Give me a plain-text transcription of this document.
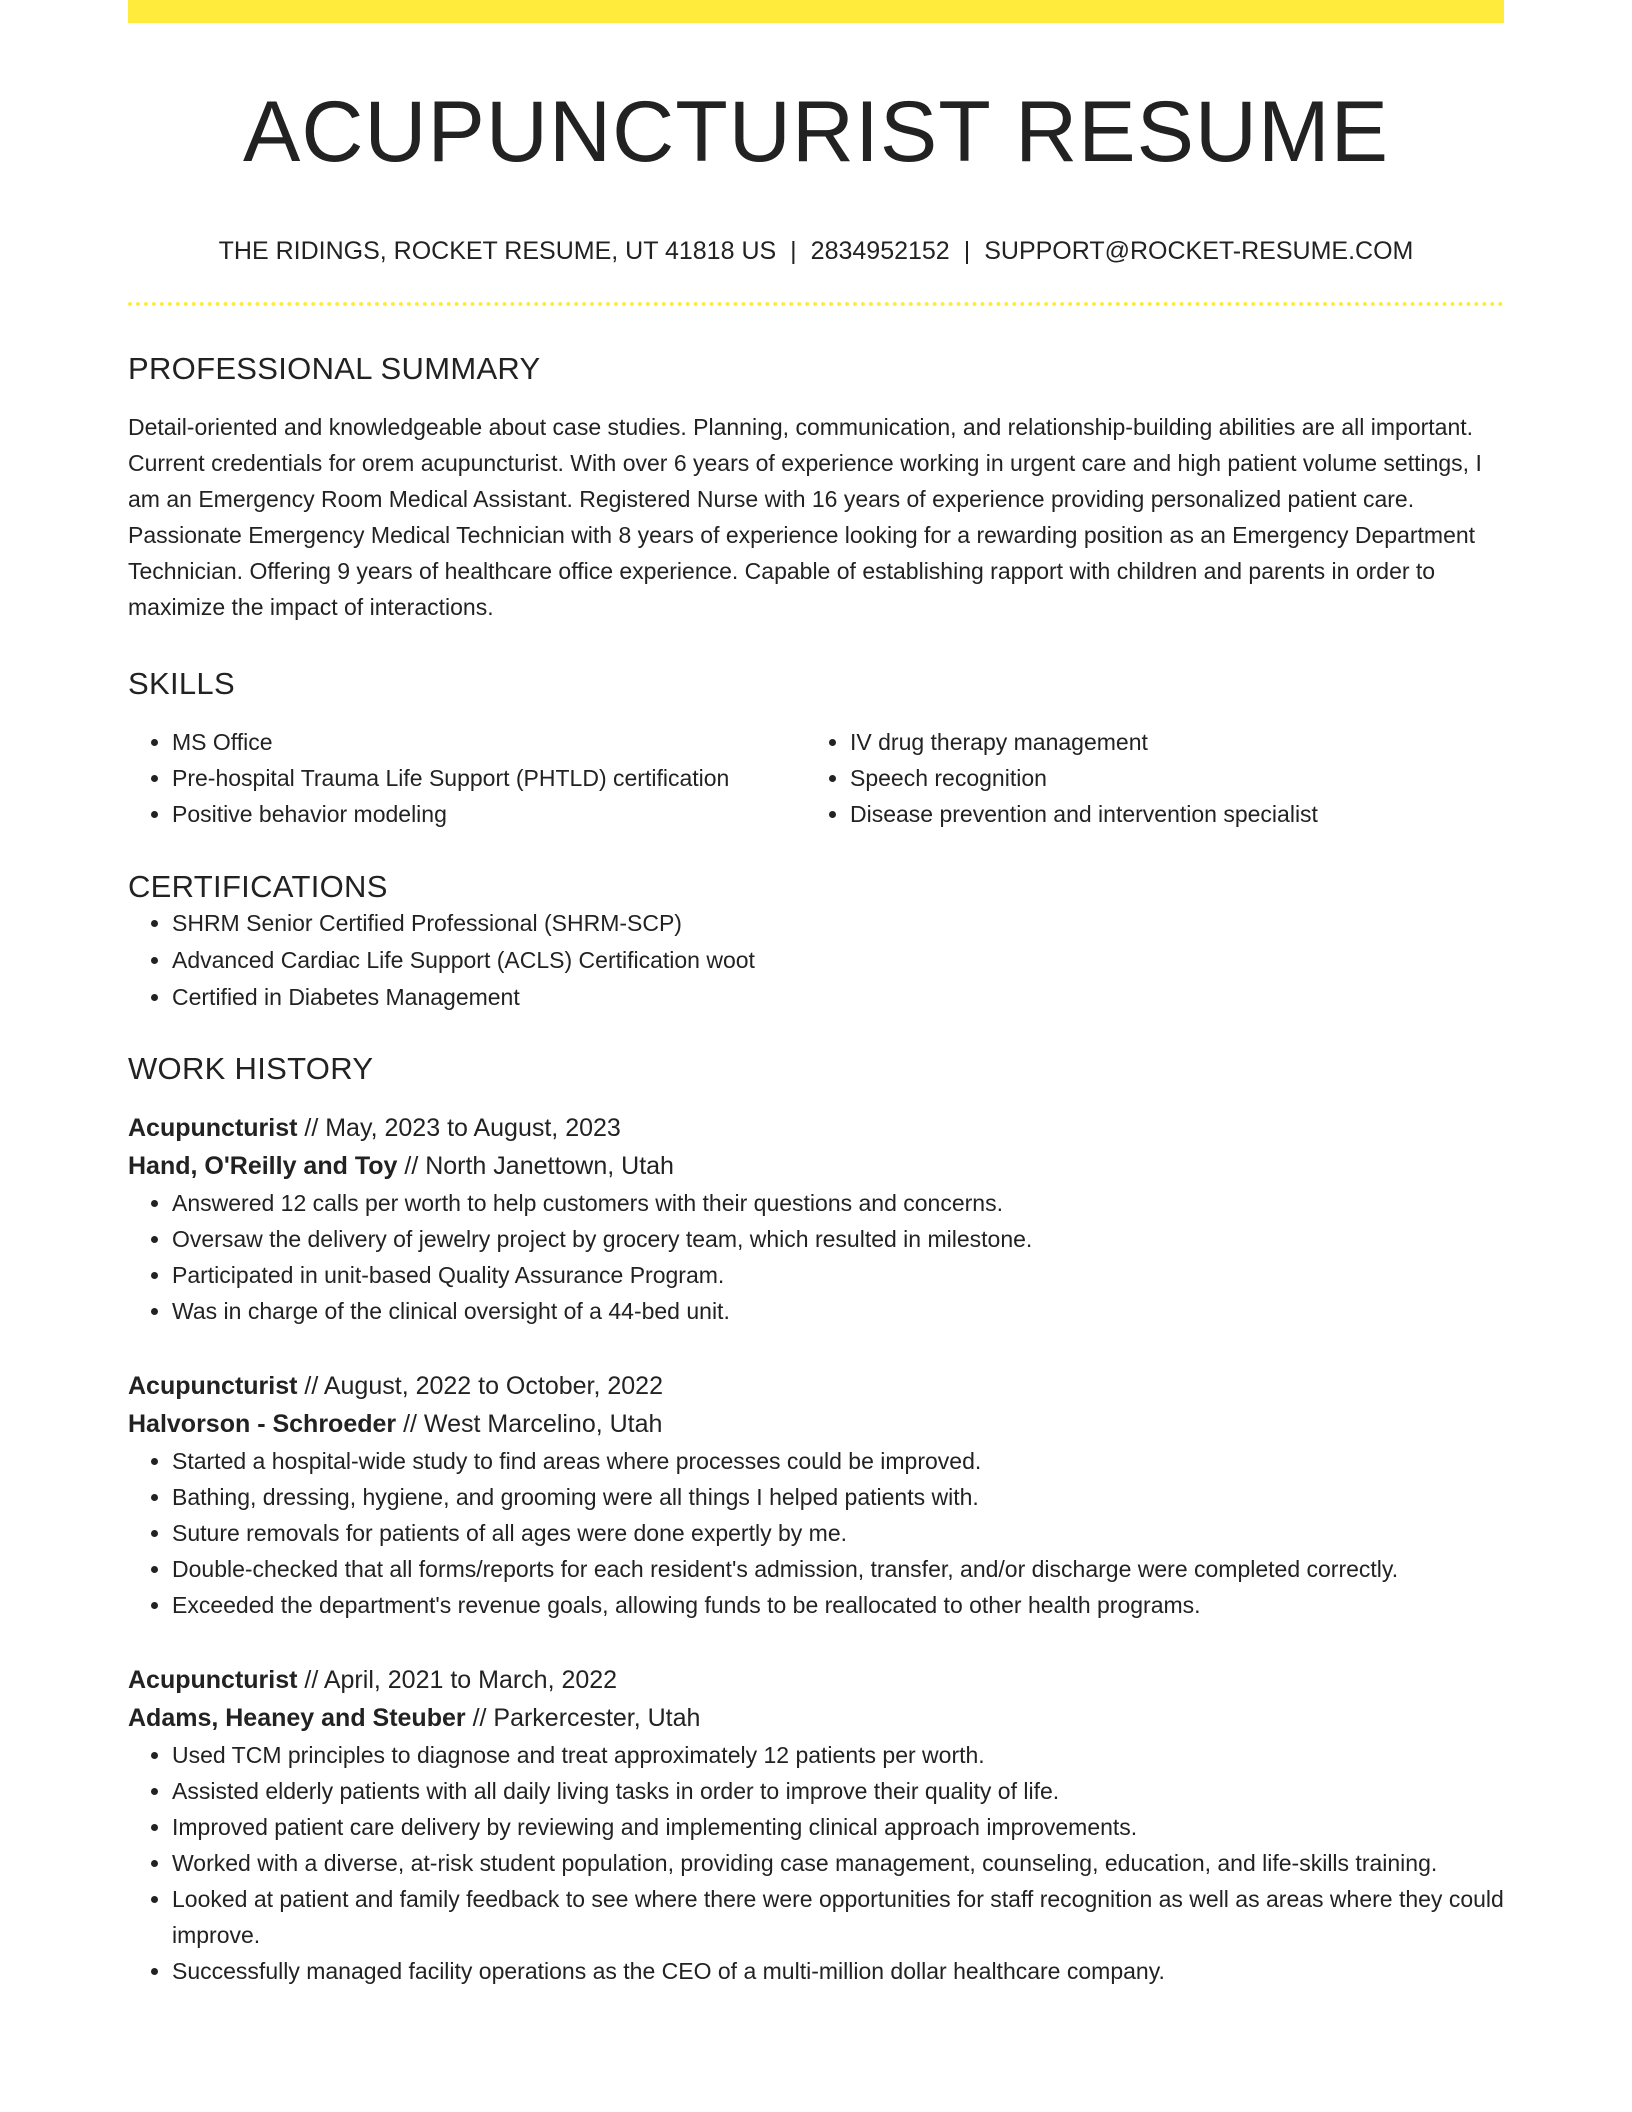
ACUPUNCTURIST RESUME
THE RIDINGS, ROCKET RESUME, UT 41818 US | 2834952152 | SUPPORT@ROCKET-RESUME.COM
PROFESSIONAL SUMMARY
Detail-oriented and knowledgeable about case studies. Planning, communication, and relationship-building abilities are all important. Current credentials for orem acupuncturist. With over 6 years of experience working in urgent care and high patient volume settings, I am an Emergency Room Medical Assistant. Registered Nurse with 16 years of experience providing personalized patient care. Passionate Emergency Medical Technician with 8 years of experience looking for a rewarding position as an Emergency Department Technician. Offering 9 years of healthcare office experience. Capable of establishing rapport with children and parents in order to maximize the impact of interactions.
SKILLS
• MS Office
• Pre-hospital Trauma Life Support (PHTLD) certification
• Positive behavior modeling
• IV drug therapy management
• Speech recognition
• Disease prevention and intervention specialist
CERTIFICATIONS
• SHRM Senior Certified Professional (SHRM-SCP)
• Advanced Cardiac Life Support (ACLS) Certification woot
• Certified in Diabetes Management
WORK HISTORY
Acupuncturist // May, 2023 to August, 2023
Hand, O'Reilly and Toy // North Janettown, Utah
• Answered 12 calls per worth to help customers with their questions and concerns.
• Oversaw the delivery of jewelry project by grocery team, which resulted in milestone.
• Participated in unit-based Quality Assurance Program.
• Was in charge of the clinical oversight of a 44-bed unit.
Acupuncturist // August, 2022 to October, 2022
Halvorson - Schroeder // West Marcelino, Utah
• Started a hospital-wide study to find areas where processes could be improved.
• Bathing, dressing, hygiene, and grooming were all things I helped patients with.
• Suture removals for patients of all ages were done expertly by me.
• Double-checked that all forms/reports for each resident's admission, transfer, and/or discharge were completed correctly.
• Exceeded the department's revenue goals, allowing funds to be reallocated to other health programs.
Acupuncturist // April, 2021 to March, 2022
Adams, Heaney and Steuber // Parkercester, Utah
• Used TCM principles to diagnose and treat approximately 12 patients per worth.
• Assisted elderly patients with all daily living tasks in order to improve their quality of life.
• Improved patient care delivery by reviewing and implementing clinical approach improvements.
• Worked with a diverse, at-risk student population, providing case management, counseling, education, and life-skills training.
• Looked at patient and family feedback to see where there were opportunities for staff recognition as well as areas where they could improve.
• Successfully managed facility operations as the CEO of a multi-million dollar healthcare company.
